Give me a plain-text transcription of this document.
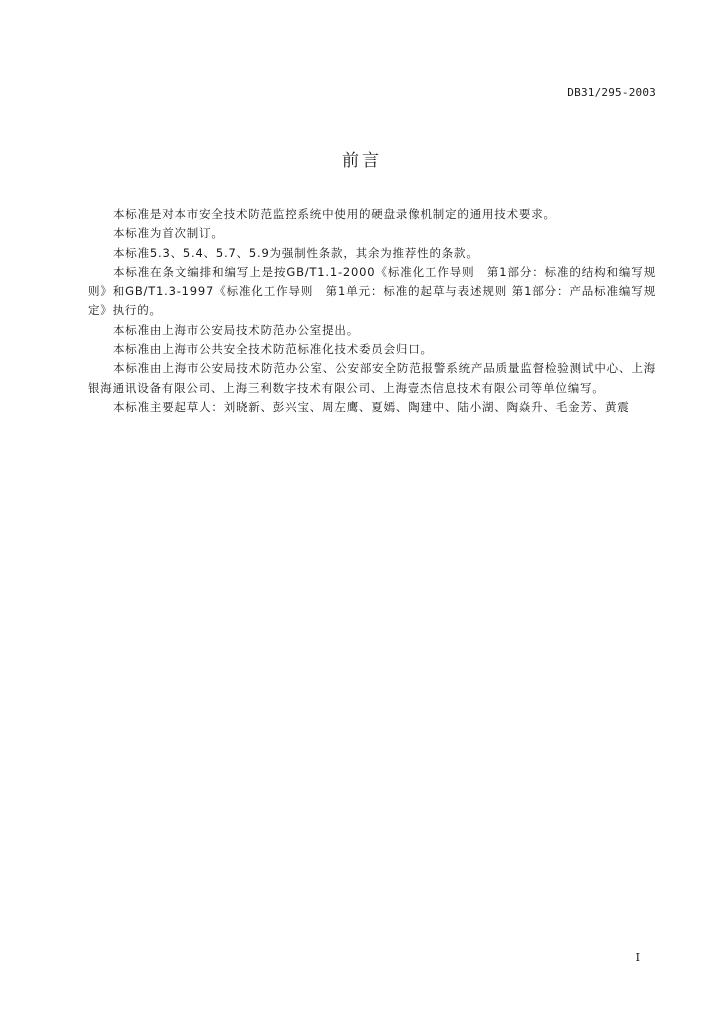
DB31/295-2003

前言

本标准是对本市安全技术防范监控系统中使用的硬盘录像机制定的通用技术要求。

本标准为首次制订。

本标准5.3、5.4、5.7、5.9为强制性条款，其余为推荐性的条款。

本标准在条文编排和编写上是按GB/T1.1-2000《标准化工作导则　第1部分：标准的结构和编写规则》和GB/T1.3-1997《标准化工作导则　第1单元：标准的起草与表述规则 第1部分：产品标准编写规定》执行的。

本标准由上海市公安局技术防范办公室提出。

本标准由上海市公共安全技术防范标准化技术委员会归口。

本标准由上海市公安局技术防范办公室、公安部安全防范报警系统产品质量监督检验测试中心、上海银海通讯设备有限公司、上海三利数字技术有限公司、上海壹杰信息技术有限公司等单位编写。

本标准主要起草人：刘晓新、彭兴宝、周左鹰、夏嫣、陶建中、陆小湖、陶焱升、毛金芳、黄震

I
